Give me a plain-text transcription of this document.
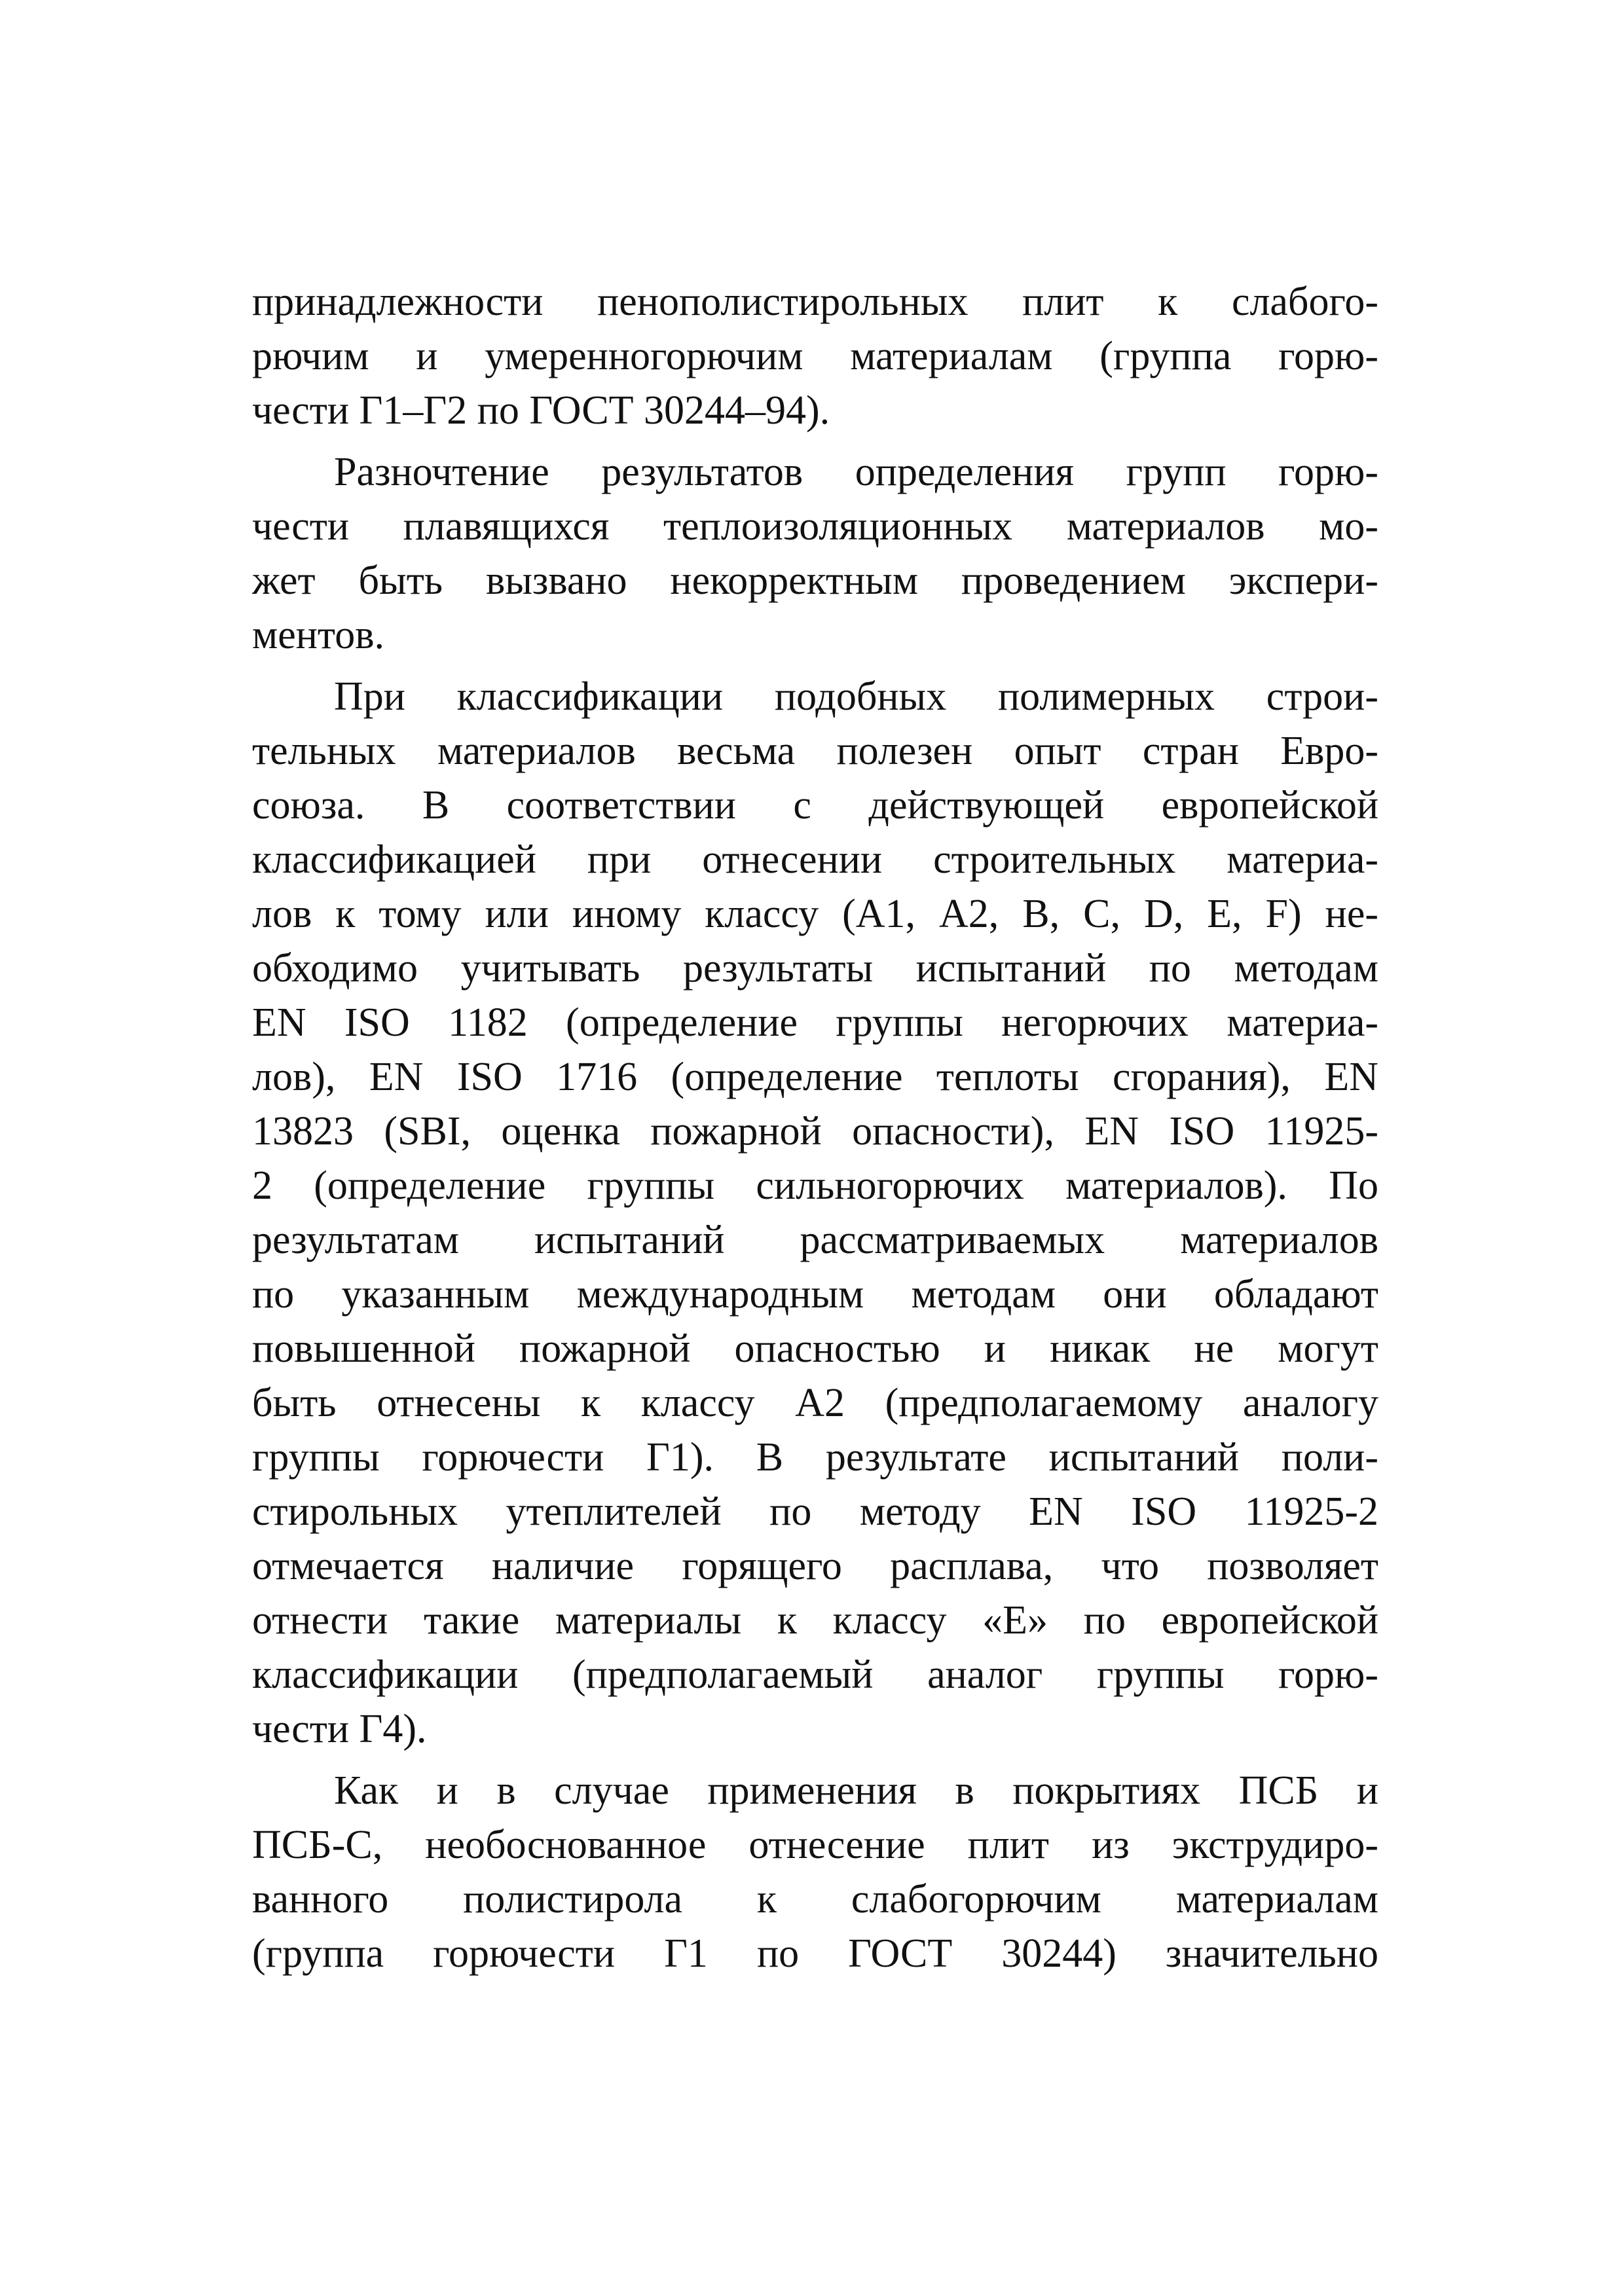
принадлежности пенополистирольных плит к слабого-
рючим и умеренногорючим материалам (группа горю-
чести Г1–Г2 по ГОСТ 30244–94).

Разночтение результатов определения групп горю-
чести плавящихся теплоизоляционных материалов мо-
жет быть вызвано некорректным проведением экспери-
ментов.

При классификации подобных полимерных строи-
тельных материалов весьма полезен опыт стран Евро-
союза. В соответствии с действующей европейской
классификацией при отнесении строительных материа-
лов к тому или иному классу (А1, А2, В, С, D, E, F) не-
обходимо учитывать результаты испытаний по методам
EN ISO 1182 (определение группы негорючих материа-
лов), EN ISO 1716 (определение теплоты сгорания), EN
13823 (SBI, оценка пожарной опасности), EN ISO 11925-
2 (определение группы сильногорючих материалов). По
результатам испытаний рассматриваемых материалов
по указанным международным методам они обладают
повышенной пожарной опасностью и никак не могут
быть отнесены к классу А2 (предполагаемому аналогу
группы горючести Г1). В результате испытаний поли-
стирольных утеплителей по методу EN ISO 11925-2
отмечается наличие горящего расплава, что позволяет
отнести такие материалы к классу «Е» по европейской
классификации (предполагаемый аналог группы горю-
чести Г4).

Как и в случае применения в покрытиях ПСБ и
ПСБ-С, необоснованное отнесение плит из экструдиро-
ванного полистирола к слабогорючим материалам
(группа горючести Г1 по ГОСТ 30244) значительно
